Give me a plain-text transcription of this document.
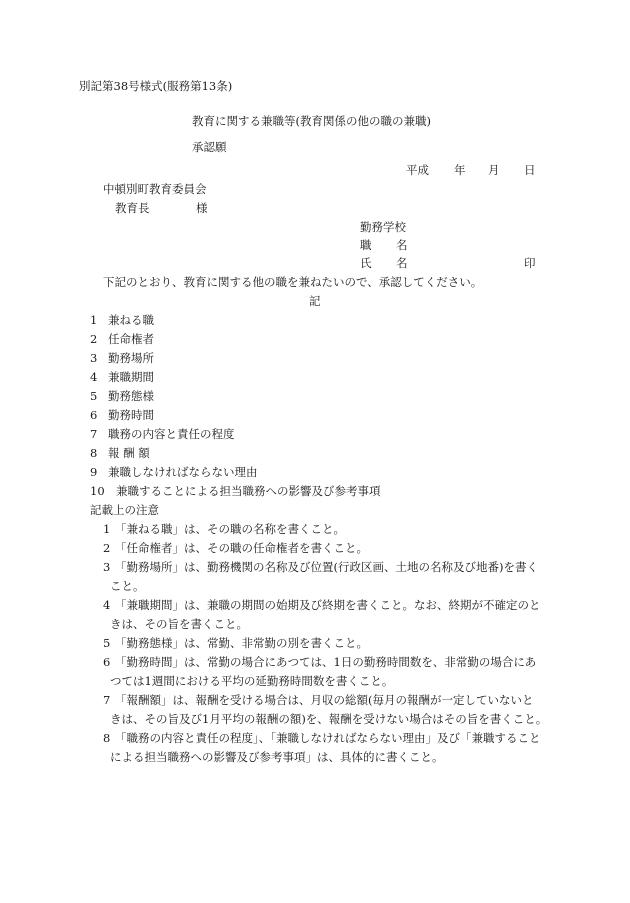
別記第38号様式(服務第13条)
教育に関する兼職等(教育関係の他の職の兼職)
承認願
平成 年 月 日
中頓別町教育委員会
教育長	様
勤務学校
職 名
氏 名	印
下記のとおり、教育に関する他の職を兼ねたいので、承認してください。
記
1 兼ねる職
2 任命権者
3 勤務場所
4 兼職期間
5 勤務態様
6 勤務時間
7 職務の内容と責任の程度
8 報 酬 額
9 兼職しなければならない理由
10 兼職することによる担当職務への影響及び参考事項
記載上の注意
1 「兼ねる職」は、その職の名称を書くこと。
2 「任命権者」は、その職の任命権者を書くこと。
3 「勤務場所」は、勤務機関の名称及び位置(行政区画、土地の名称及び地番)を書く
こと。
4 「兼職期間」は、兼職の期間の始期及び終期を書くこと。なお、終期が不確定のと
きは、その旨を書くこと。
5 「勤務態様」は、常勤、非常勤の別を書くこと。
6 「勤務時間」は、常勤の場合にあつては、1日の勤務時間数を、非常勤の場合にあ
つては1週間における平均の延勤務時間数を書くこと。
7 「報酬額」は、報酬を受ける場合は、月収の総額(毎月の報酬が一定していないと
きは、その旨及び1月平均の報酬の額)を、報酬を受けない場合はその旨を書くこと。
8 「職務の内容と責任の程度」、「兼職しなければならない理由」及び「兼職すること
による担当職務への影響及び参考事項」は、具体的に書くこと。
